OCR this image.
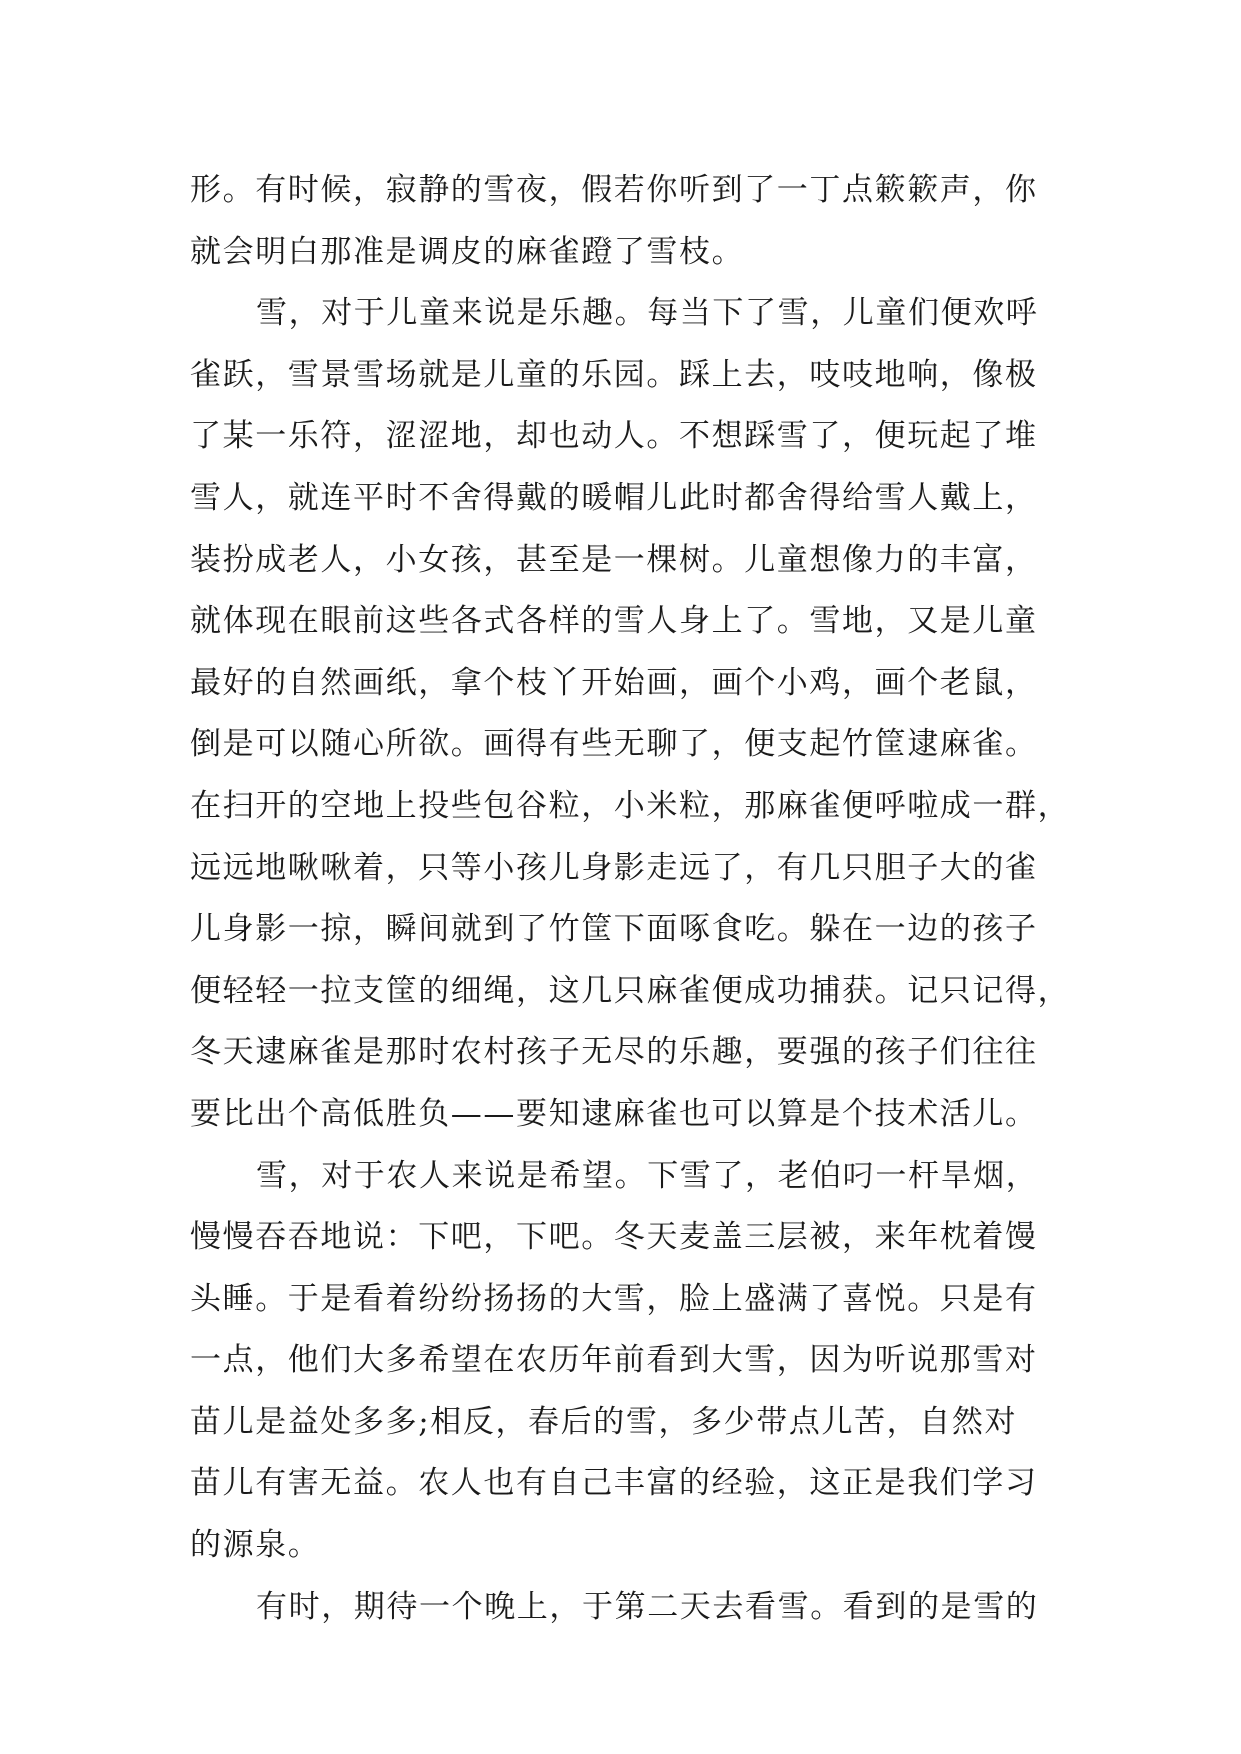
形。有时候，寂静的雪夜，假若你听到了一丁点簌簌声，你
就会明白那准是调皮的麻雀蹬了雪枝。
雪，对于儿童来说是乐趣。每当下了雪，儿童们便欢呼
雀跃，雪景雪场就是儿童的乐园。踩上去，吱吱地响，像极
了某一乐符，涩涩地，却也动人。不想踩雪了，便玩起了堆
雪人，就连平时不舍得戴的暖帽儿此时都舍得给雪人戴上，
装扮成老人，小女孩，甚至是一棵树。儿童想像力的丰富，
就体现在眼前这些各式各样的雪人身上了。雪地，又是儿童
最好的自然画纸，拿个枝丫开始画，画个小鸡，画个老鼠，
倒是可以随心所欲。画得有些无聊了，便支起竹筐逮麻雀。
在扫开的空地上投些包谷粒，小米粒，那麻雀便呼啦成一群，
远远地啾啾着，只等小孩儿身影走远了，有几只胆子大的雀
儿身影一掠，瞬间就到了竹筐下面啄食吃。躲在一边的孩子
便轻轻一拉支筐的细绳，这几只麻雀便成功捕获。记只记得，
冬天逮麻雀是那时农村孩子无尽的乐趣，要强的孩子们往往
要比出个高低胜负——要知逮麻雀也可以算是个技术活儿。
雪，对于农人来说是希望。下雪了，老伯叼一杆旱烟，
慢慢吞吞地说：下吧，下吧。冬天麦盖三层被，来年枕着馒
头睡。于是看着纷纷扬扬的大雪，脸上盛满了喜悦。只是有
一点，他们大多希望在农历年前看到大雪，因为听说那雪对
苗儿是益处多多;相反，春后的雪，多少带点儿苦，自然对
苗儿有害无益。农人也有自己丰富的经验，这正是我们学习
的源泉。
有时，期待一个晚上，于第二天去看雪。看到的是雪的
